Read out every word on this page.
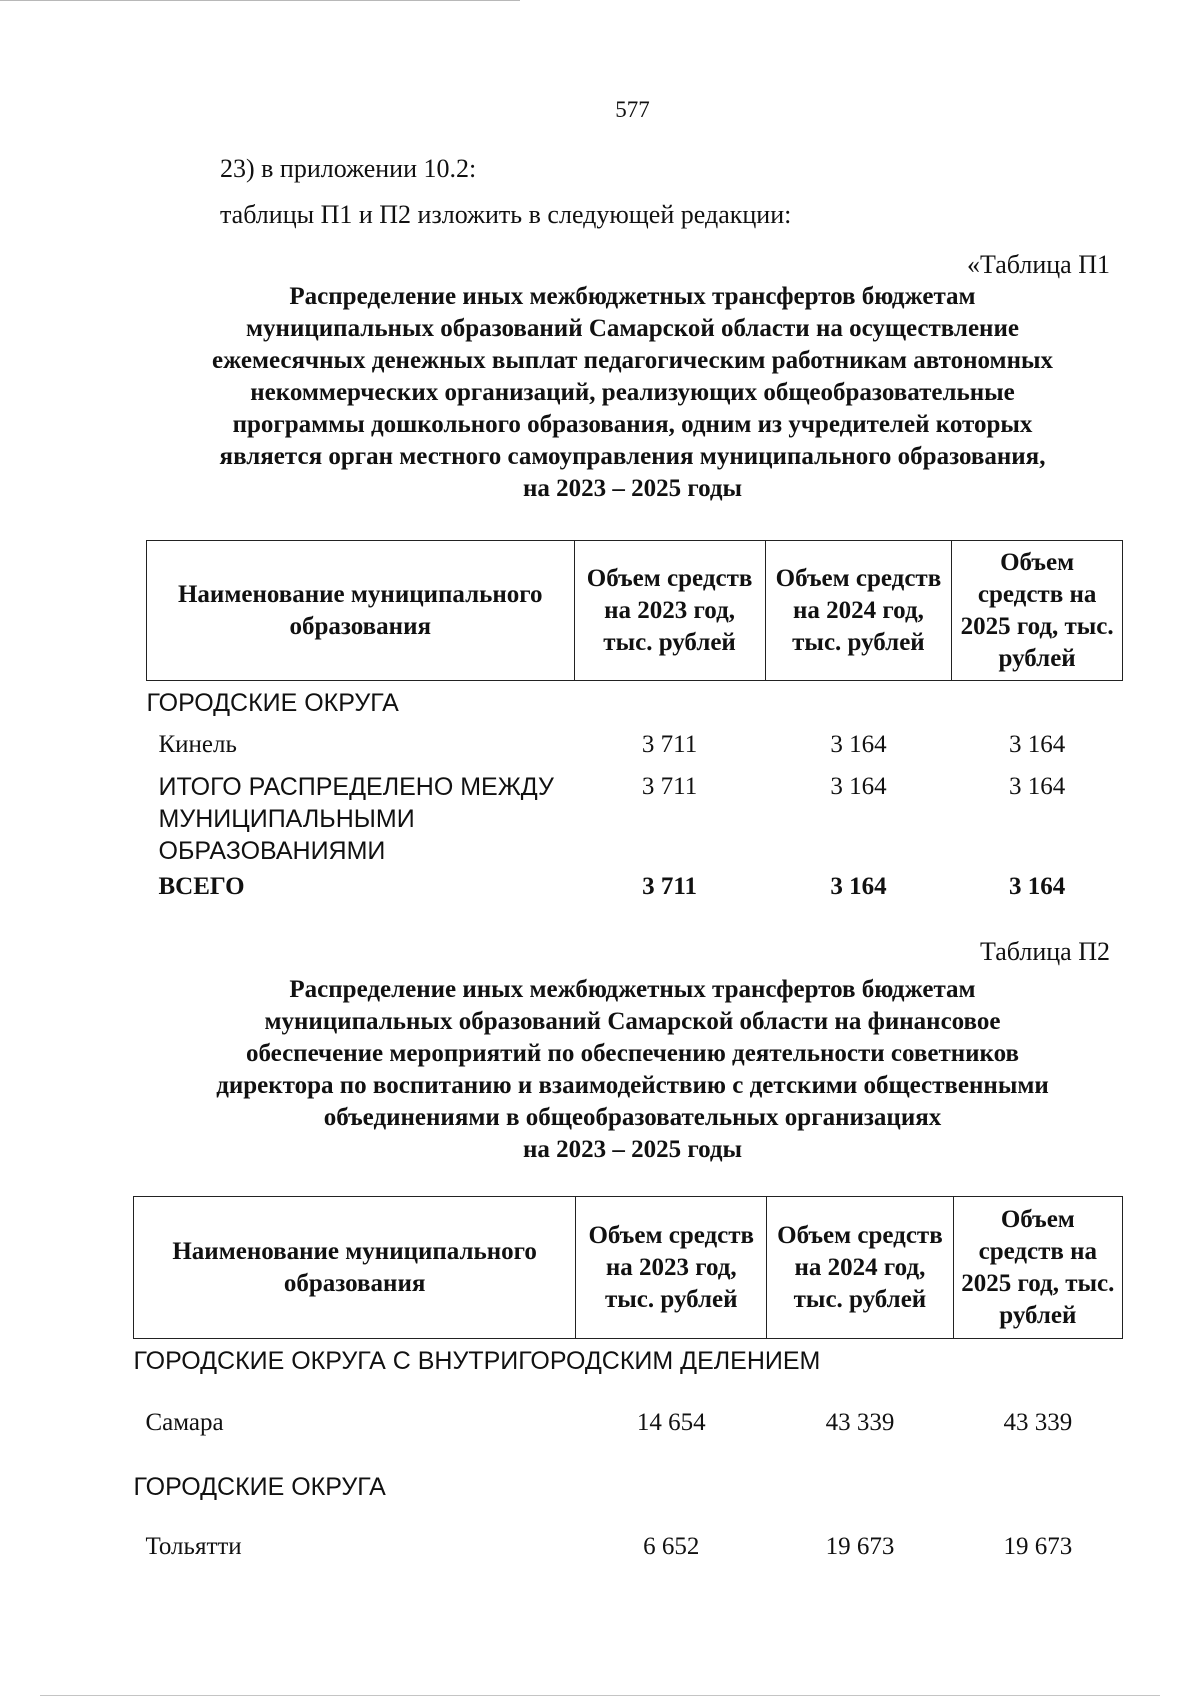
577
23) в приложении 10.2:
таблицы П1 и П2 изложить в следующей редакции:
«Таблица П1
Распределение иных межбюджетных трансфертов бюджетам
муниципальных образований Самарской области на осуществление
ежемесячных денежных выплат педагогическим работникам автономных
некоммерческих организаций, реализующих общеобразовательные
программы дошкольного образования, одним из учредителей которых
является орган местного самоуправления муниципального образования,
на 2023 – 2025 годы
Наименование муниципального образования	Объем средств на 2023 год, тыс. рублей	Объем средств на 2024 год, тыс. рублей	Объем средств на 2025 год, тыс. рублей
ГОРОДСКИЕ ОКРУГА			
Кинель	3 711	3 164	3 164
ИТОГО РАСПРЕДЕЛЕНО МЕЖДУ МУНИЦИПАЛЬНЫМИ ОБРАЗОВАНИЯМИ	3 711	3 164	3 164
ВСЕГО	3 711	3 164	3 164
Таблица П2
Распределение иных межбюджетных трансфертов бюджетам
муниципальных образований Самарской области на финансовое
обеспечение мероприятий по обеспечению деятельности советников
директора по воспитанию и взаимодействию с детскими общественными
объединениями в общеобразовательных организациях
на 2023 – 2025 годы
Наименование муниципального образования	Объем средств на 2023 год, тыс. рублей	Объем средств на 2024 год, тыс. рублей	Объем средств на 2025 год, тыс. рублей
ГОРОДСКИЕ ОКРУГА С ВНУТРИГОРОДСКИМ ДЕЛЕНИЕМ			
Самара	14 654	43 339	43 339
ГОРОДСКИЕ ОКРУГА			
Тольятти	6 652	19 673	19 673
